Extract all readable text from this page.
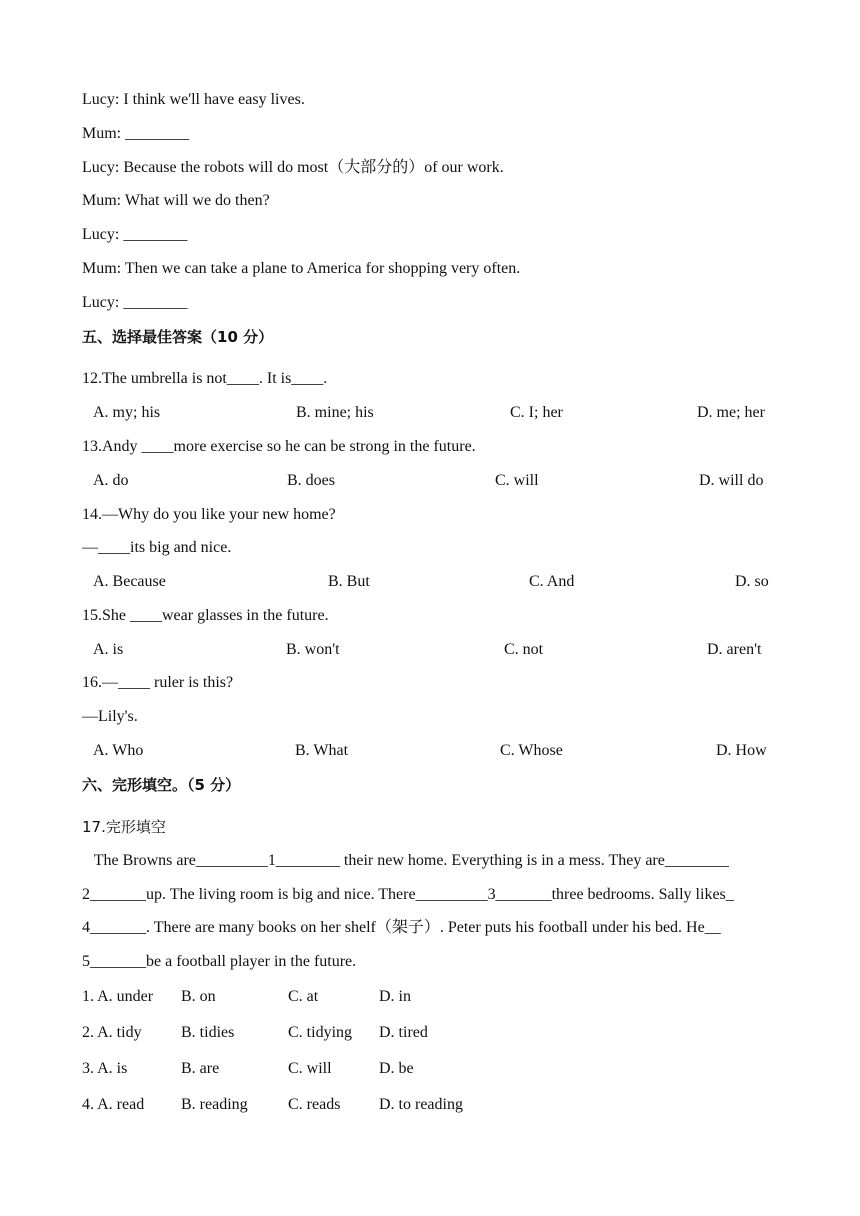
Lucy: I think we'll have easy lives.
Mum: ________
Lucy: Because the robots will do most（大部分的）of our work.
Mum: What will we do then?
Lucy: ________
Mum: Then we can take a plane to America for shopping very often.
Lucy: ________
五、选择最佳答案（10 分）
12.The umbrella is not____. It is____.
A. my; his	B. mine; his	C. I; her	D. me; her
13.Andy ____more exercise so he can be strong in the future.
A. do	B. does	C. will	D. will do
14.—Why do you like your new home?
—____its big and nice.
A. Because	B. But	C. And	D. so
15.She ____wear glasses in the future.
A. is	B. won't	C. not	D. aren't
16.—____ ruler is this?
—Lily's.
A. Who	B. What	C. Whose	D. How
六、完形填空。（5 分）
17.完形填空
The Browns are_________1________ their new home. Everything is in a mess. They are________
2_______up. The living room is big and nice. There_________3_______three bedrooms. Sally likes_
4_______. There are many books on her shelf（架子）. Peter puts his football under his bed. He__
5_______be a football player in the future.
1. A. under B. on	C. at	D. in
2. A. tidy B. tidies	C. tidying D. tired
3. A. is	B. are	C. will	D. be
4. A. read B. reading	C. reads D. to reading
